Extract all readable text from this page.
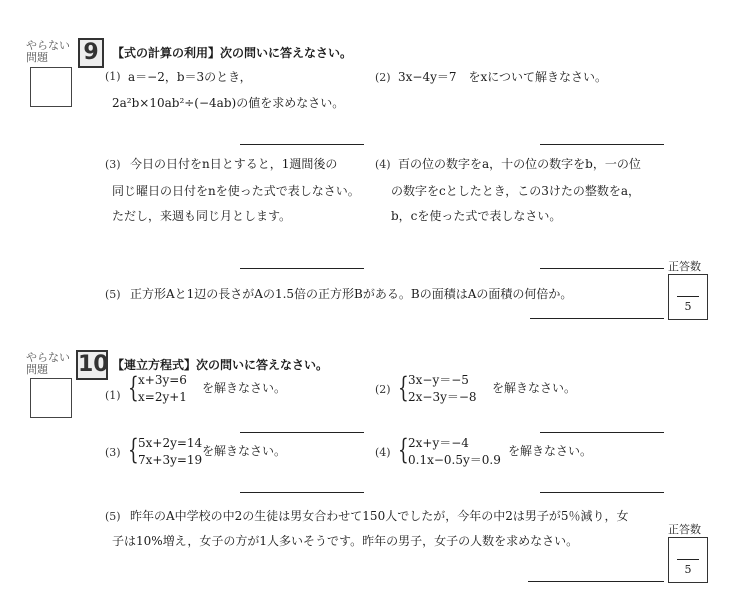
やらない
問題	9	【式の計算の利用】次の問いに答えなさい。
(1) a＝−2，b＝3のとき，
2a²b×10ab²÷(−4ab)の値を求めなさい。
(2) 3x−4y＝7　をxについて解きなさい。
(3) 今日の日付をn日とすると，1週間後の
同じ曜日の日付をnを使った式で表しなさい。
ただし，来週も同じ月とします。
(4) 百の位の数字をa，十の位の数字をb，一の位
の数字をcとしたとき，この3けたの整数をa，
b，cを使った式で表しなさい。
(5) 正方形Aと1辺の長さがAの1.5倍の正方形Bがある。Bの面積はAの面積の何倍か。
正答数
5
やらない
問題	10 【連立方程式】次の問いに答えなさい。
(1) { x+3y=6
x=2y+1
を解きなさい。	(2) { 3x−y＝−5
2x−3y＝−8
を解きなさい。
(3) { 5x+2y=14
7x+3y=19
を解きなさい。	(4) { 2x+y＝−4
0.1x−0.5y＝0.9
を解きなさい。
(5) 昨年のA中学校の中2の生徒は男女合わせて150人でしたが，今年の中2は男子が5％減り，女
子は10%増え，女子の方が1人多いそうです。昨年の男子，女子の人数を求めなさい。
正答数
5
